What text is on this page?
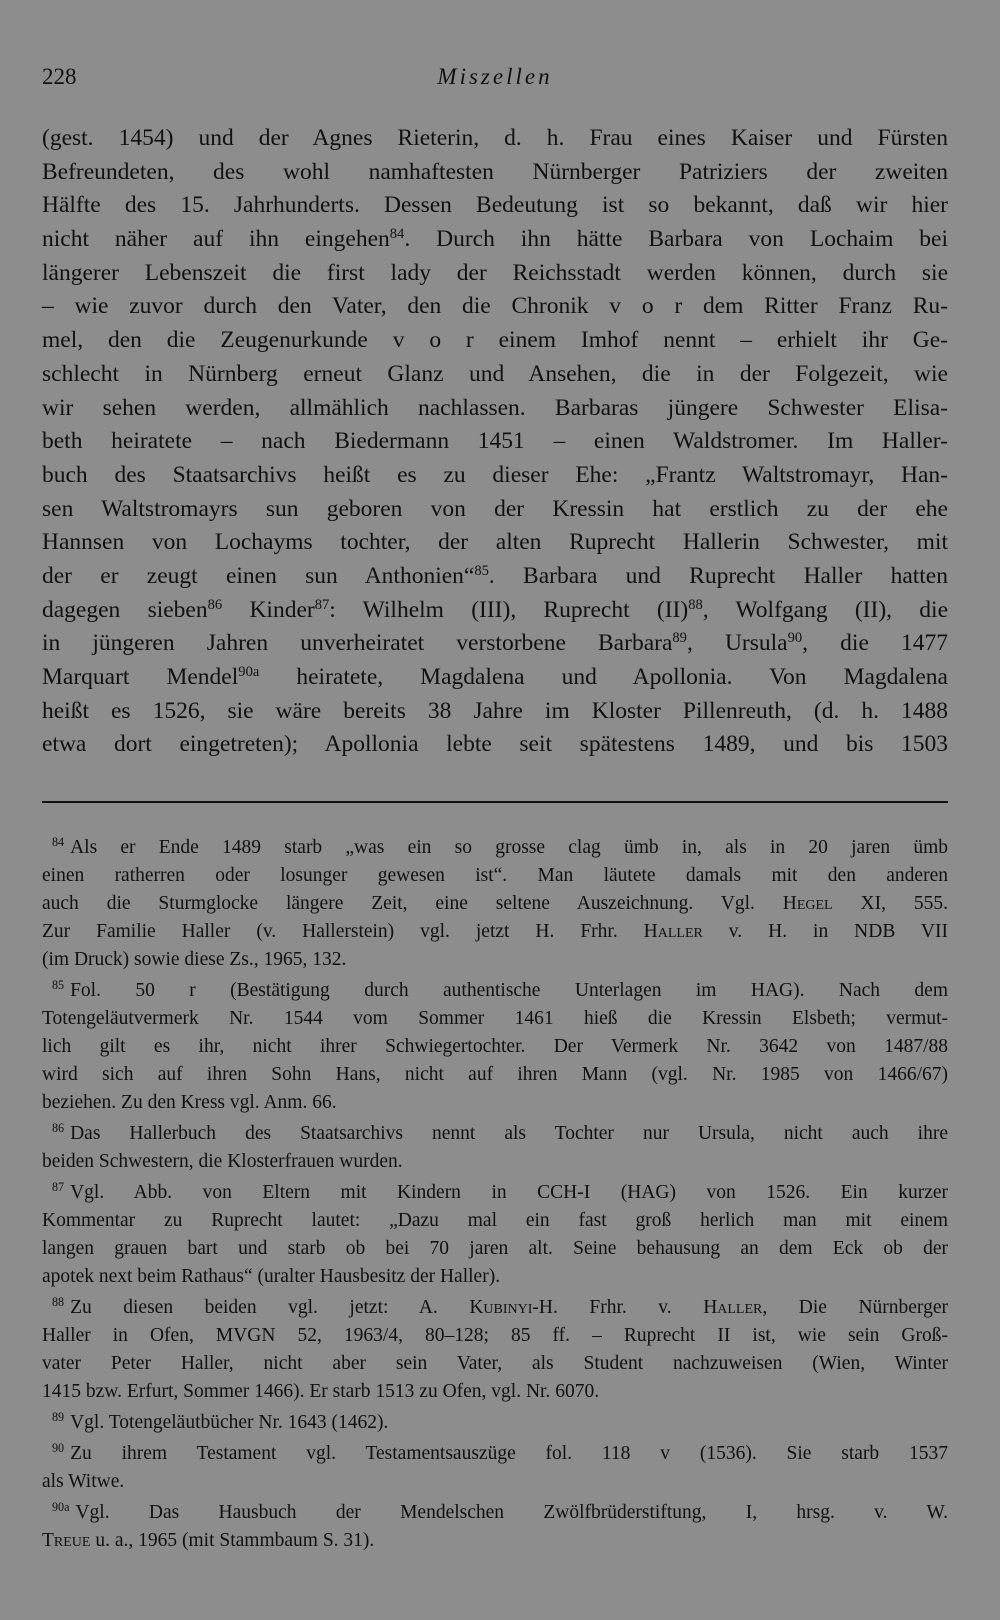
228	Miszellen
(gest. 1454) und der Agnes Rieterin, d. h. Frau eines Kaiser und Fürsten
Befreundeten, des wohl namhaftesten Nürnberger Patriziers der zweiten
Hälfte des 15. Jahrhunderts. Dessen Bedeutung ist so bekannt, daß wir hier
nicht näher auf ihn eingehen$^{84}$. Durch ihn hätte Barbara von Lochaim bei
längerer Lebenszeit die first lady der Reichsstadt werden können, durch sie
– wie zuvor durch den Vater, den die Chronik v o r dem Ritter Franz Ru-
mel, den die Zeugenurkunde v o r einem Imhof nennt – erhielt ihr Ge-
schlecht in Nürnberg erneut Glanz und Ansehen, die in der Folgezeit, wie
wir sehen werden, allmählich nachlassen. Barbaras jüngere Schwester Elisa-
beth heiratete – nach Biedermann 1451 – einen Waldstromer. Im Haller-
buch des Staatsarchivs heißt es zu dieser Ehe: „Frantz Waltstromayr, Han-
sen Waltstromayrs sun geboren von der Kressin hat erstlich zu der ehe
Hannsen von Lochayms tochter, der alten Ruprecht Hallerin Schwester, mit
der er zeugt einen sun Anthonien“$^{85}$. Barbara und Ruprecht Haller hatten
dagegen sieben$^{86}$ Kinder$^{87}$: Wilhelm (III), Ruprecht (II)$^{88}$, Wolfgang (II), die
in jüngeren Jahren unverheiratet verstorbene Barbara$^{89}$, Ursula$^{90}$, die 1477
Marquart Mendel$^{90a}$ heiratete, Magdalena und Apollonia. Von Magdalena
heißt es 1526, sie wäre bereits 38 Jahre im Kloster Pillenreuth, (d. h. 1488
etwa dort eingetreten); Apollonia lebte seit spätestens 1489, und bis 1503
$^{84}$ Als er Ende 1489 starb „was ein so grosse clag ümb in, als in 20 jaren ümb
einen ratherren oder losunger gewesen ist“. Man läutete damals mit den anderen
auch die Sturmglocke längere Zeit, eine seltene Auszeichnung. Vgl. Hegel XI, 555.
Zur Familie Haller (v. Hallerstein) vgl. jetzt H. Frhr. Haller v. H. in NDB VII
(im Druck) sowie diese Zs., 1965, 132.
$^{85}$ Fol. 50 r (Bestätigung durch authentische Unterlagen im HAG). Nach dem
Totengeläutvermerk Nr. 1544 vom Sommer 1461 hieß die Kressin Elsbeth; vermut-
lich gilt es ihr, nicht ihrer Schwiegertochter. Der Vermerk Nr. 3642 von 1487/88
wird sich auf ihren Sohn Hans, nicht auf ihren Mann (vgl. Nr. 1985 von 1466/67)
beziehen. Zu den Kress vgl. Anm. 66.
$^{86}$ Das Hallerbuch des Staatsarchivs nennt als Tochter nur Ursula, nicht auch ihre
beiden Schwestern, die Klosterfrauen wurden.
$^{87}$ Vgl. Abb. von Eltern mit Kindern in CCH-I (HAG) von 1526. Ein kurzer
Kommentar zu Ruprecht lautet: „Dazu mal ein fast groß herlich man mit einem
langen grauen bart und starb ob bei 70 jaren alt. Seine behausung an dem Eck ob der
apotek next beim Rathaus“ (uralter Hausbesitz der Haller).
$^{88}$ Zu diesen beiden vgl. jetzt: A. Kubinyi-H. Frhr. v. Haller, Die Nürnberger
Haller in Ofen, MVGN 52, 1963/4, 80–128; 85 ff. – Ruprecht II ist, wie sein Groß-
vater Peter Haller, nicht aber sein Vater, als Student nachzuweisen (Wien, Winter
1415 bzw. Erfurt, Sommer 1466). Er starb 1513 zu Ofen, vgl. Nr. 6070.
$^{89}$ Vgl. Totengeläutbücher Nr. 1643 (1462).
$^{90}$ Zu ihrem Testament vgl. Testamentsauszüge fol. 118 v (1536). Sie starb 1537
als Witwe.
$^{90a}$ Vgl. Das Hausbuch der Mendelschen Zwölfbrüderstiftung, I, hrsg. v. W.
Treue u. a., 1965 (mit Stammbaum S. 31).
